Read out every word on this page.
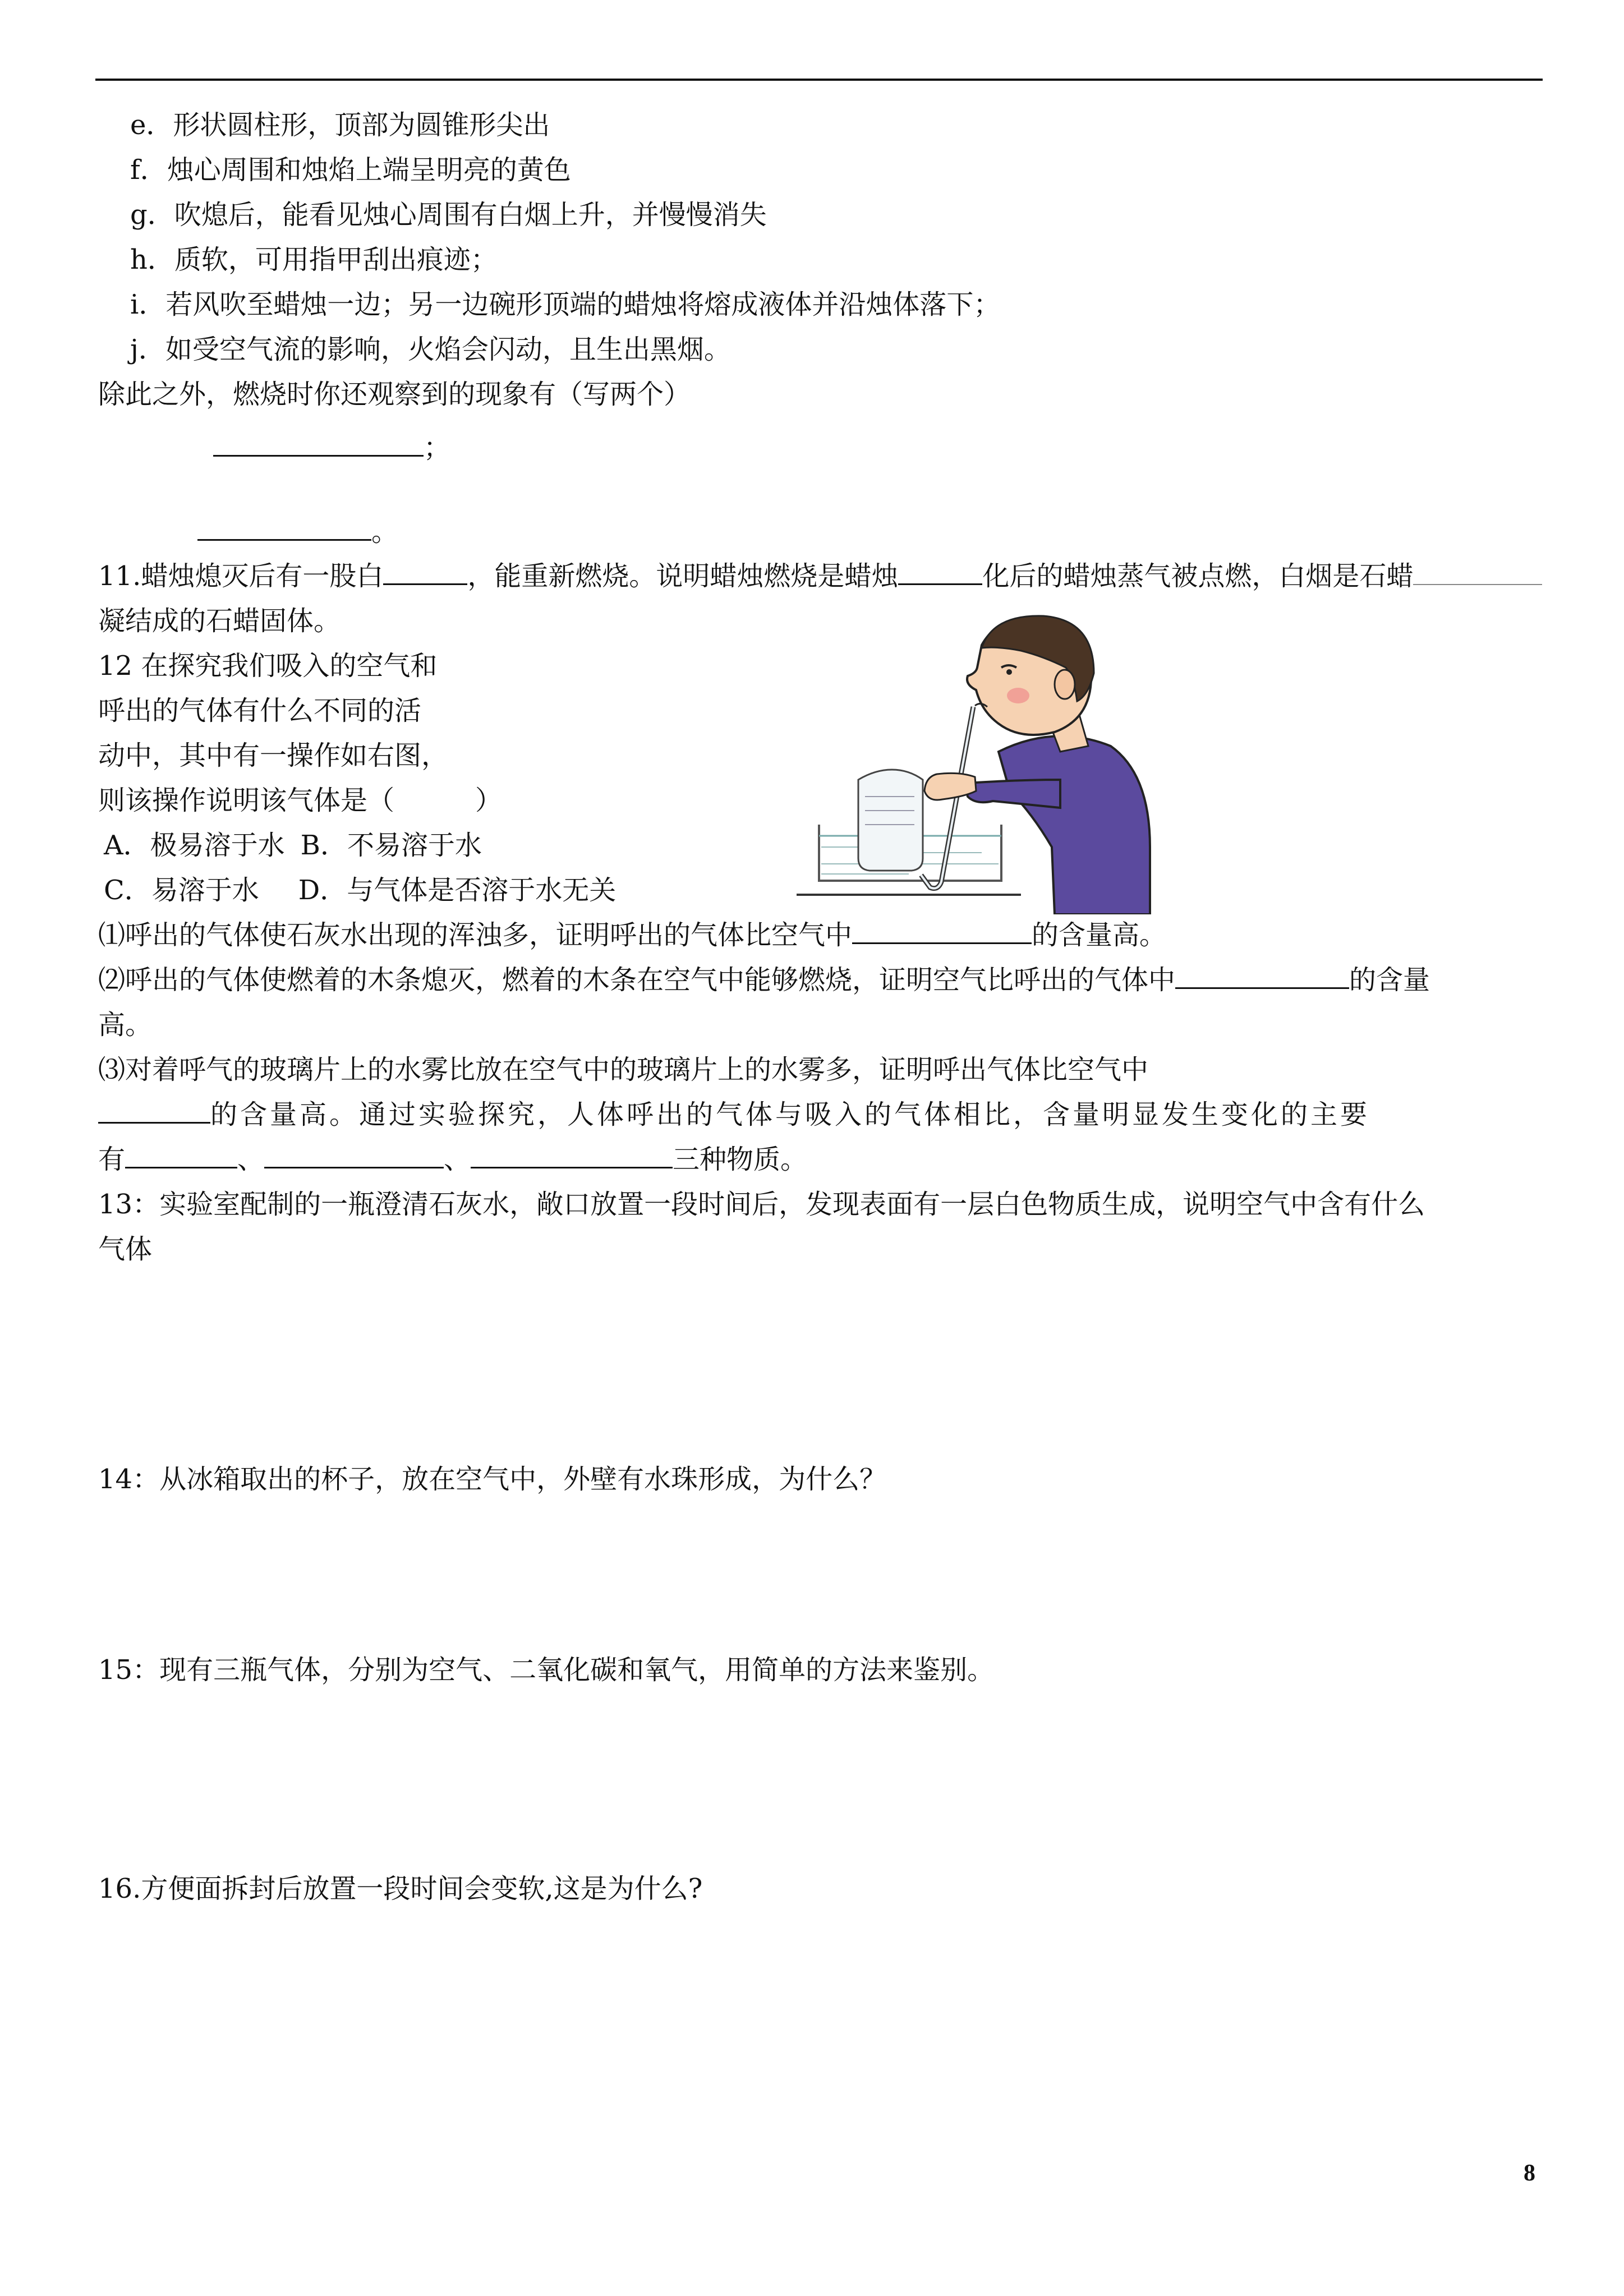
e．形状圆柱形，顶部为圆锥形尖出
f．烛心周围和烛焰上端呈明亮的黄色
g．吹熄后，能看见烛心周围有白烟上升，并慢慢消失
h．质软，可用指甲刮出痕迹；
i．若风吹至蜡烛一边；另一边碗形顶端的蜡烛将熔成液体并沿烛体落下；
j．如受空气流的影响，火焰会闪动，且生出黑烟。
除此之外，燃烧时你还观察到的现象有（写两个）
；
。
11.蜡烛熄灭后有一股白	，能重新燃烧。说明蜡烛燃烧是蜡烛	化后的蜡烛蒸气被点燃，白烟是石蜡
凝结成的石蜡固体。
12 在探究我们吸入的空气和
呼出的气体有什么不同的活
动中，其中有一操作如右图，
则该操作说明该气体是（　　　）
A．极易溶于水 B．不易溶于水
C．易溶于水 D．与气体是否溶于水无关
⑴呼出的气体使石灰水出现的浑浊多，证明呼出的气体比空气中	的含量高。
⑵呼出的气体使燃着的木条熄灭，燃着的木条在空气中能够燃烧，证明空气比呼出的气体中	的含量
高。
⑶对着呼气的玻璃片上的水雾比放在空气中的玻璃片上的水雾多，证明呼出气体比空气中
的含量高。通过实验探究，人体呼出的气体与吸入的气体相比，含量明显发生变化的主要
有	、	、	三种物质。
13：实验室配制的一瓶澄清石灰水，敞口放置一段时间后，发现表面有一层白色物质生成，说明空气中含有什么
气体
14：从冰箱取出的杯子，放在空气中，外壁有水珠形成，为什么？
15：现有三瓶气体，分别为空气、二氧化碳和氧气，用简单的方法来鉴别。
16.方便面拆封后放置一段时间会变软,这是为什么?
8
